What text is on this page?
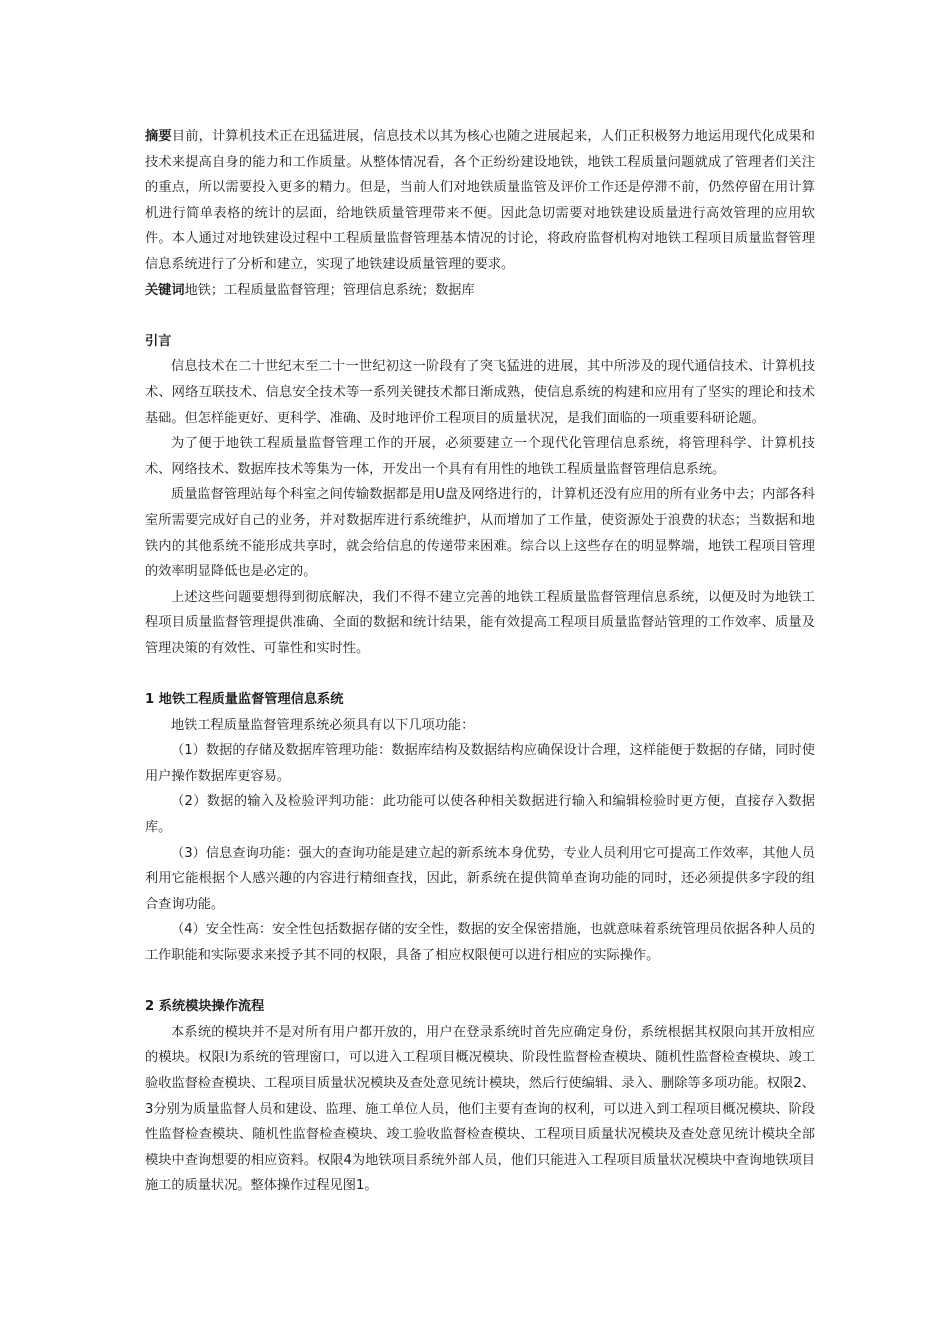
摘要目前，计算机技术正在迅猛进展，信息技术以其为核心也随之进展起来，人们正积极努力地运用现代化成果和技术来提高自身的能力和工作质量。从整体情况看，各个正纷纷建设地铁，地铁工程质量问题就成了管理者们关注的重点，所以需要投入更多的精力。但是，当前人们对地铁质量监管及评价工作还是停滞不前，仍然停留在用计算机进行简单表格的统计的层面，给地铁质量管理带来不便。因此急切需要对地铁建设质量进行高效管理的应用软件。本人通过对地铁建设过程中工程质量监督管理基本情况的讨论，将政府监督机构对地铁工程项目质量监督管理信息系统进行了分析和建立，实现了地铁建设质量管理的要求。

关键词地铁；工程质量监督管理；管理信息系统；数据库

引言

信息技术在二十世纪末至二十一世纪初这一阶段有了突飞猛进的进展，其中所涉及的现代通信技术、计算机技术、网络互联技术、信息安全技术等一系列关键技术都日渐成熟，使信息系统的构建和应用有了坚实的理论和技术基础。但怎样能更好、更科学、准确、及时地评价工程项目的质量状况，是我们面临的一项重要科研论题。

为了便于地铁工程质量监督管理工作的开展，必须要建立一个现代化管理信息系统，将管理科学、计算机技术、网络技术、数据库技术等集为一体，开发出一个具有有用性的地铁工程质量监督管理信息系统。

质量监督管理站每个科室之间传输数据都是用U盘及网络进行的，计算机还没有应用的所有业务中去；内部各科室所需要完成好自己的业务，并对数据库进行系统维护，从而增加了工作量，使资源处于浪费的状态；当数据和地铁内的其他系统不能形成共享时，就会给信息的传递带来困难。综合以上这些存在的明显弊端，地铁工程项目管理的效率明显降低也是必定的。

上述这些问题要想得到彻底解决，我们不得不建立完善的地铁工程质量监督管理信息系统，以便及时为地铁工程项目质量监督管理提供准确、全面的数据和统计结果，能有效提高工程项目质量监督站管理的工作效率、质量及管理决策的有效性、可靠性和实时性。

1 地铁工程质量监督管理信息系统

地铁工程质量监督管理系统必须具有以下几项功能：

（1）数据的存储及数据库管理功能：数据库结构及数据结构应确保设计合理，这样能便于数据的存储，同时使用户操作数据库更容易。

（2）数据的输入及检验评判功能：此功能可以使各种相关数据进行输入和编辑检验时更方便，直接存入数据库。

（3）信息查询功能：强大的查询功能是建立起的新系统本身优势，专业人员利用它可提高工作效率，其他人员利用它能根据个人感兴趣的内容进行精细查找，因此，新系统在提供简单查询功能的同时，还必须提供多字段的组合查询功能。

（4）安全性高：安全性包括数据存储的安全性，数据的安全保密措施，也就意味着系统管理员依据各种人员的工作职能和实际要求来授予其不同的权限，具备了相应权限便可以进行相应的实际操作。

2 系统模块操作流程

本系统的模块并不是对所有用户都开放的，用户在登录系统时首先应确定身份，系统根据其权限向其开放相应的模块。权限Ⅰ为系统的管理窗口，可以进入工程项目概况模块、阶段性监督检查模块、随机性监督检查模块、竣工验收监督检查模块、工程项目质量状况模块及查处意见统计模块，然后行使编辑、录入、删除等多项功能。权限2、3分别为质量监督人员和建设、监理、施工单位人员，他们主要有查询的权利，可以进入到工程项目概况模块、阶段性监督检查模块、随机性监督检查模块、竣工验收监督检查模块、工程项目质量状况模块及查处意见统计模块全部模块中查询想要的相应资料。权限4为地铁项目系统外部人员，他们只能进入工程项目质量状况模块中查询地铁项目施工的质量状况。整体操作过程见图1。
